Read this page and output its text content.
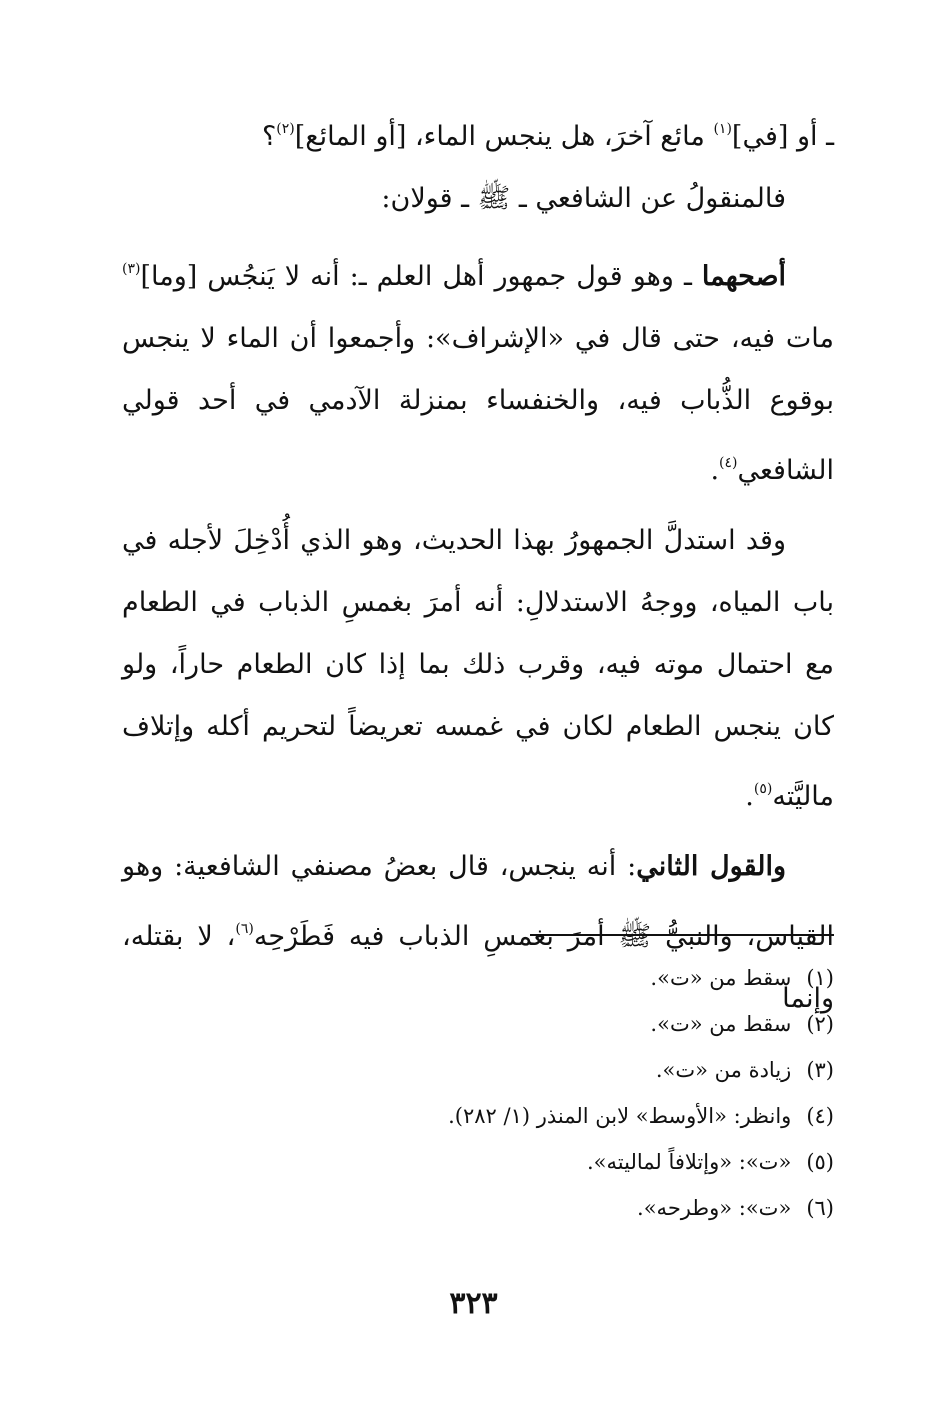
ـ أو [في]$^{(١)}$ مائع آخرَ، هل ينجس الماء، [أو المائع]$^{(٢)}$؟
فالمنقولُ عن الشافعي ـ ﷺ ـ قولان:

أصحهما ـ وهو قول جمهور أهل العلم ـ: أنه لا يَنجُس [وما]$^{(٣)}$ مات فيه، حتى قال في «الإشراف»: وأجمعوا أن الماء لا ينجس بوقوع الذُّباب فيه، والخنفساء بمنزلة الآدمي في أحد قولي الشافعي$^{(٤)}$.

وقد استدلَّ الجمهورُ بهذا الحديث، وهو الذي أُدْخِلَ لأجله في باب المياه، ووجهُ الاستدلالِ: أنه أمرَ بغمسِ الذباب في الطعام مع احتمال موته فيه، وقرب ذلك بما إذا كان الطعام حاراً، ولو كان ينجس الطعام لكان في غمسه تعريضاً لتحريم أكله وإتلاف ماليَّته$^{(٥)}$.

والقول الثاني: أنه ينجس، قال بعضُ مصنفي الشافعية: وهو القياس، والنبيُّ ﷺ أمرَ بغمسِ الذباب فيه فَطَرْحِه$^{(٦)}$، لا بقتله، وإنما

(١) سقط من «ت».
(٢) سقط من «ت».
(٣) زيادة من «ت».
(٤) وانظر: «الأوسط» لابن المنذر (١/ ٢٨٢).
(٥) «ت»: «وإتلافاً لماليته».
(٦) «ت»: «وطرحه».
٣٢٣
